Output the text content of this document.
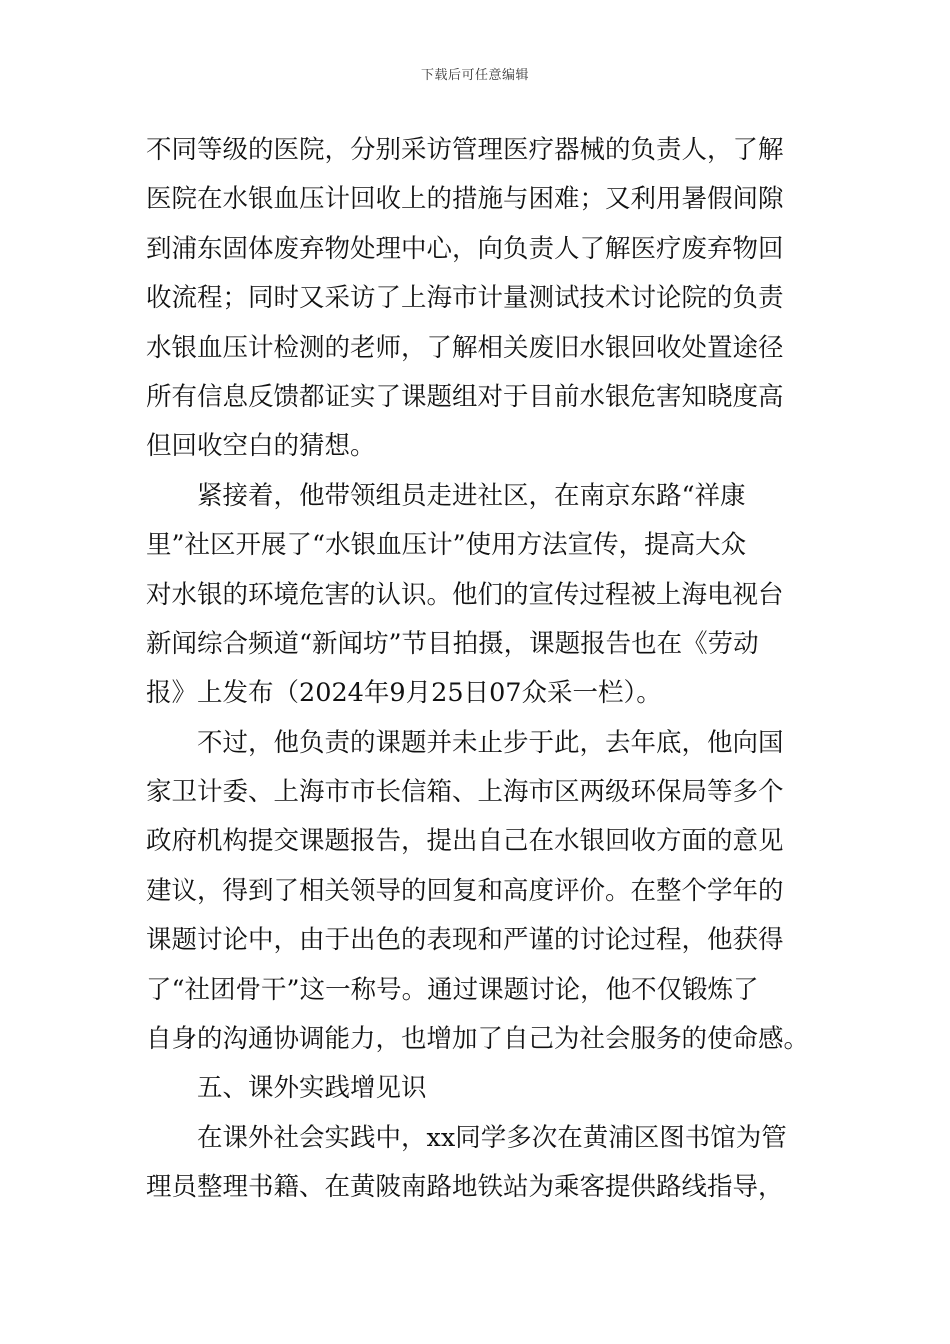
下载后可任意编辑
不同等级的医院，分别采访管理医疗器械的负责人，了解
医院在水银血压计回收上的措施与困难；又利用暑假间隙
到浦东固体废弃物处理中心，向负责人了解医疗废弃物回
收流程；同时又采访了上海市计量测试技术讨论院的负责
水银血压计检测的老师，了解相关废旧水银回收处置途径
所有信息反馈都证实了课题组对于目前水银危害知晓度高
但回收空白的猜想。
紧接着，他带领组员走进社区，在南京东路“祥康
里”社区开展了“水银血压计”使用方法宣传，提高大众
对水银的环境危害的认识。他们的宣传过程被上海电视台
新闻综合频道“新闻坊”节目拍摄，课题报告也在《劳动
报》上发布（2024年9月25日07众采一栏）。
不过，他负责的课题并未止步于此，去年底，他向国
家卫计委、上海市市长信箱、上海市区两级环保局等多个
政府机构提交课题报告，提出自己在水银回收方面的意见
建议，得到了相关领导的回复和高度评价。在整个学年的
课题讨论中，由于出色的表现和严谨的讨论过程，他获得
了“社团骨干”这一称号。通过课题讨论，他不仅锻炼了
自身的沟通协调能力，也增加了自己为社会服务的使命感。
五、课外实践增见识
在课外社会实践中，xx同学多次在黄浦区图书馆为管
理员整理书籍、在黄陂南路地铁站为乘客提供路线指导，
